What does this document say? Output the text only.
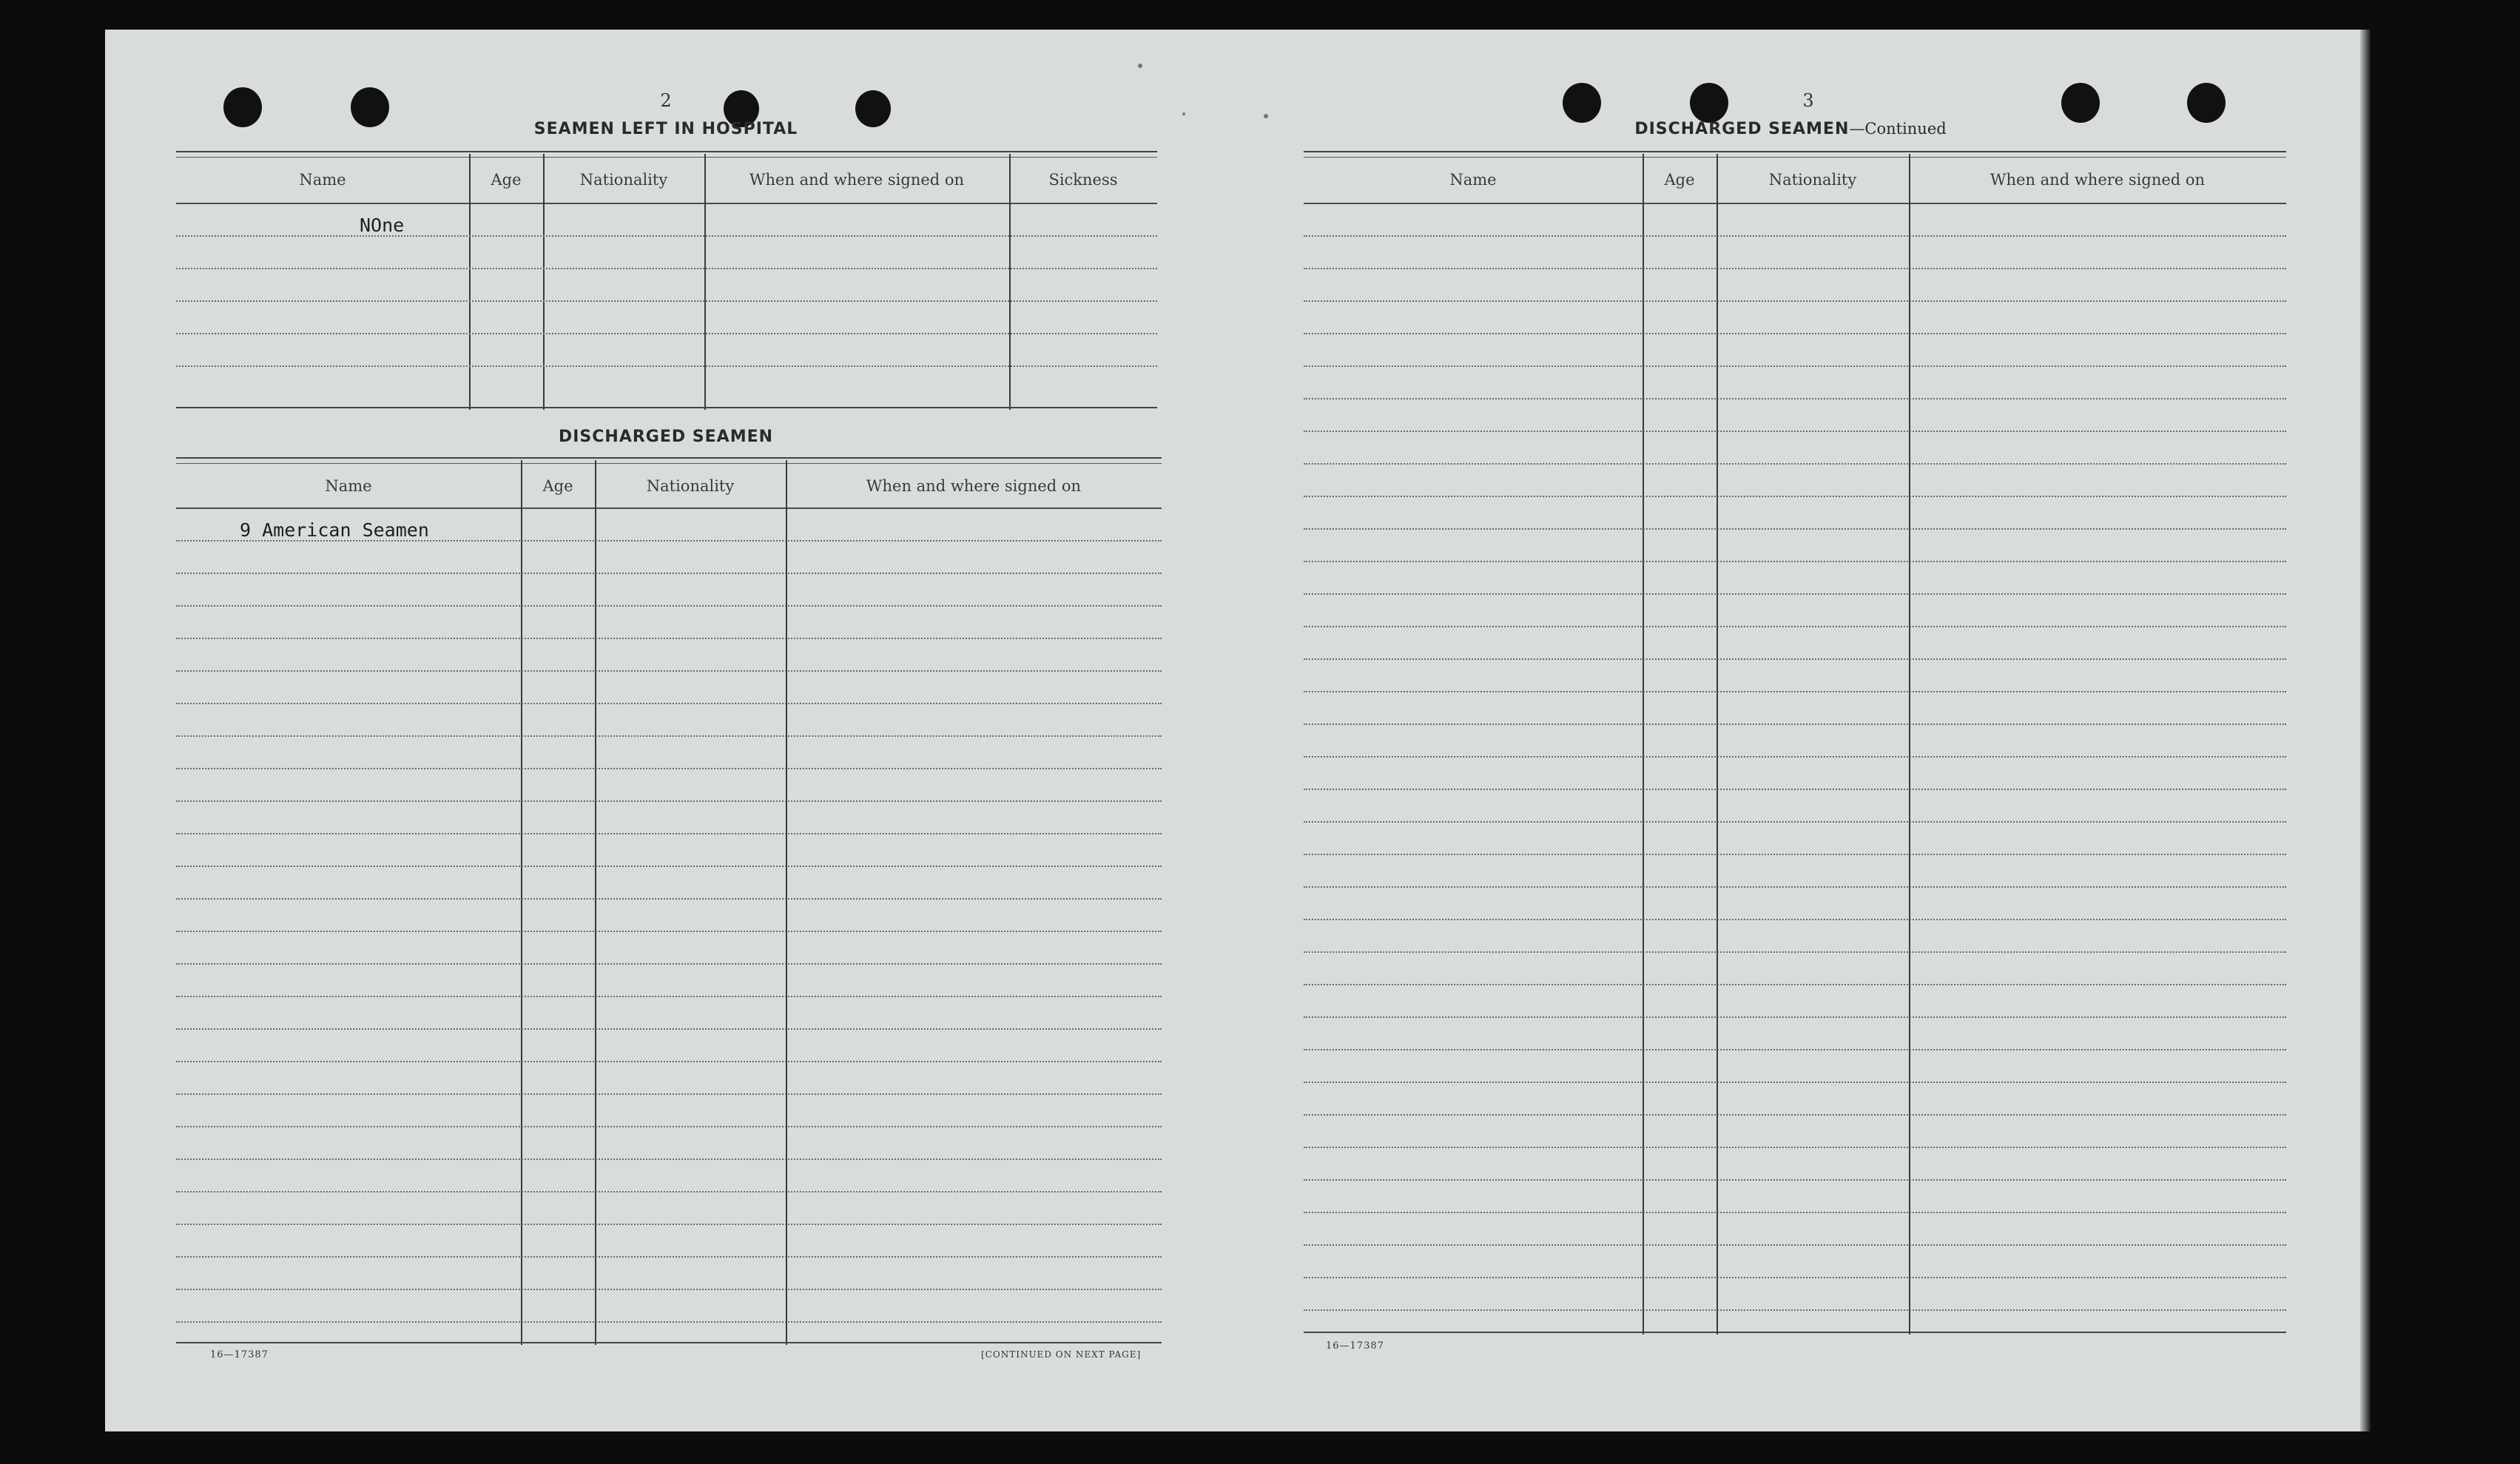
2
SEAMEN LEFT IN HOSPITAL
Name	Age	Nationality	When and where signed on	Sickness
NOne
DISCHARGED SEAMEN
Name	Age	Nationality	When and where signed on
9 American Seamen
16—17387	[CONTINUED ON NEXT PAGE]
3
DISCHARGED SEAMEN—Continued
Name	Age	Nationality	When and where signed on
16—17387
